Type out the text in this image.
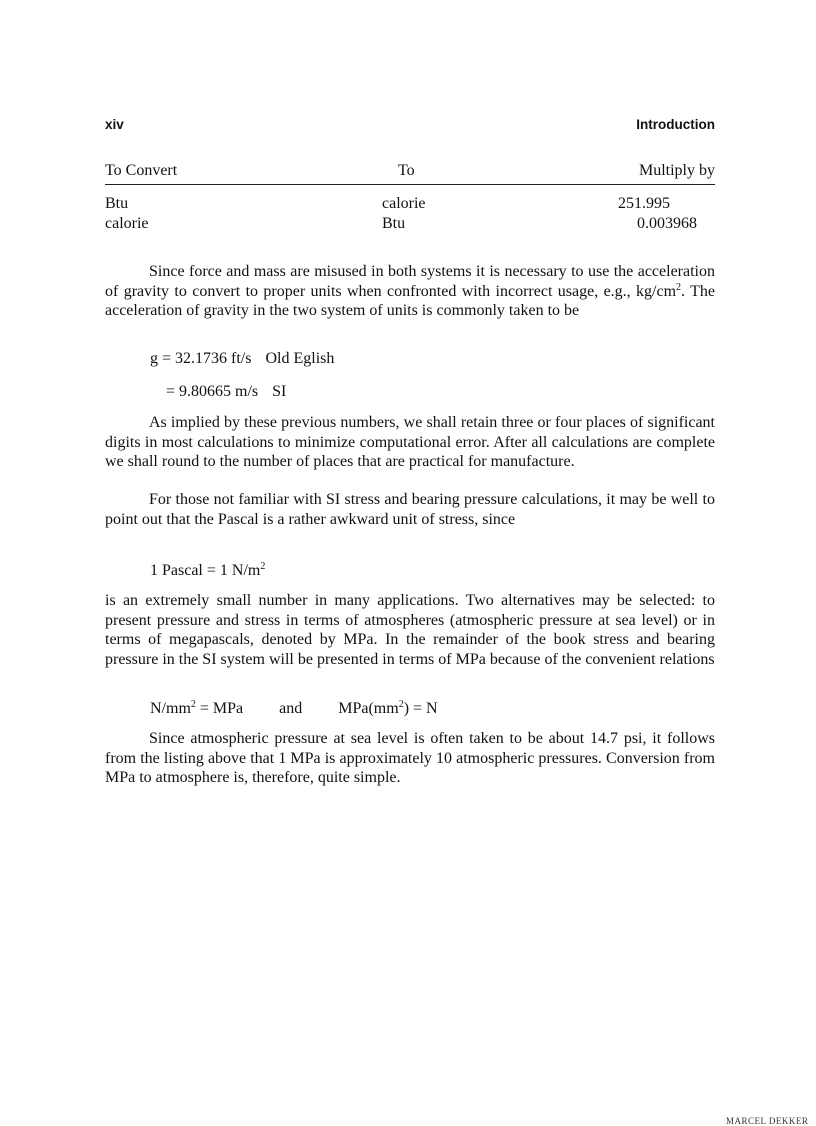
xiv	Introduction
To Convert	To	Multiply by
Btu	calorie	251.995
calorie	Btu	0.003968

Since force and mass are misused in both systems it is necessary to use the acceleration of gravity to convert to proper units when confronted with incorrect usage, e.g., $kg/cm^2$. The acceleration of gravity in the two system of units is commonly taken to be

g = 32.1736 ft/s Old Eglish
= 9.80665 m/s SI

As implied by these previous numbers, we shall retain three or four places of significant digits in most calculations to minimize computational error. After all calculations are complete we shall round to the number of places that are practical for manufacture.

For those not familiar with SI stress and bearing pressure calculations, it may be well to point out that the Pascal is a rather awkward unit of stress, since

1 Pascal = 1 $N/m^2$

is an extremely small number in many applications. Two alternatives may be selected: to present pressure and stress in terms of atmospheres (atmospheric pressure at sea level) or in terms of megapascals, denoted by MPa. In the remainder of the book stress and bearing pressure in the SI system will be presented in terms of MPa because of the convenient relations

$N/mm^2$ = MPa and $MPa(mm^2) = N$

Since atmospheric pressure at sea level is often taken to be about 14.7 psi, it follows from the listing above that 1 MPa is approximately 10 atmospheric pressures. Conversion from MPa to atmosphere is, therefore, quite simple.

MARCEL DEKKER
